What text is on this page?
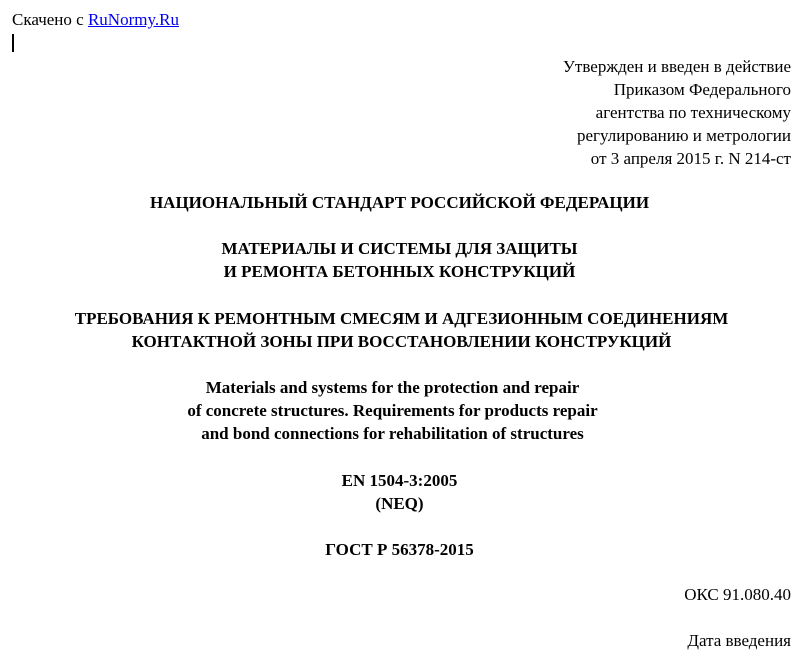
Скачено с RuNormy.Ru
Утвержден и введен в действие
Приказом Федерального
агентства по техническому
регулированию и метрологии
от 3 апреля 2015 г. N 214-ст
НАЦИОНАЛЬНЫЙ СТАНДАРТ РОССИЙСКОЙ ФЕДЕРАЦИИ
МАТЕРИАЛЫ И СИСТЕМЫ ДЛЯ ЗАЩИТЫ
И РЕМОНТА БЕТОННЫХ КОНСТРУКЦИЙ
ТРЕБОВАНИЯ К РЕМОНТНЫМ СМЕСЯМ И АДГЕЗИОННЫМ СОЕДИНЕНИЯМ
КОНТАКТНОЙ ЗОНЫ ПРИ ВОССТАНОВЛЕНИИ КОНСТРУКЦИЙ
Materials and systems for the protection and repair
of concrete structures. Requirements for products repair
and bond connections for rehabilitation of structures
EN 1504-3:2005
(NEQ)
ГОСТ Р 56378-2015
ОКС 91.080.40
Дата введения
